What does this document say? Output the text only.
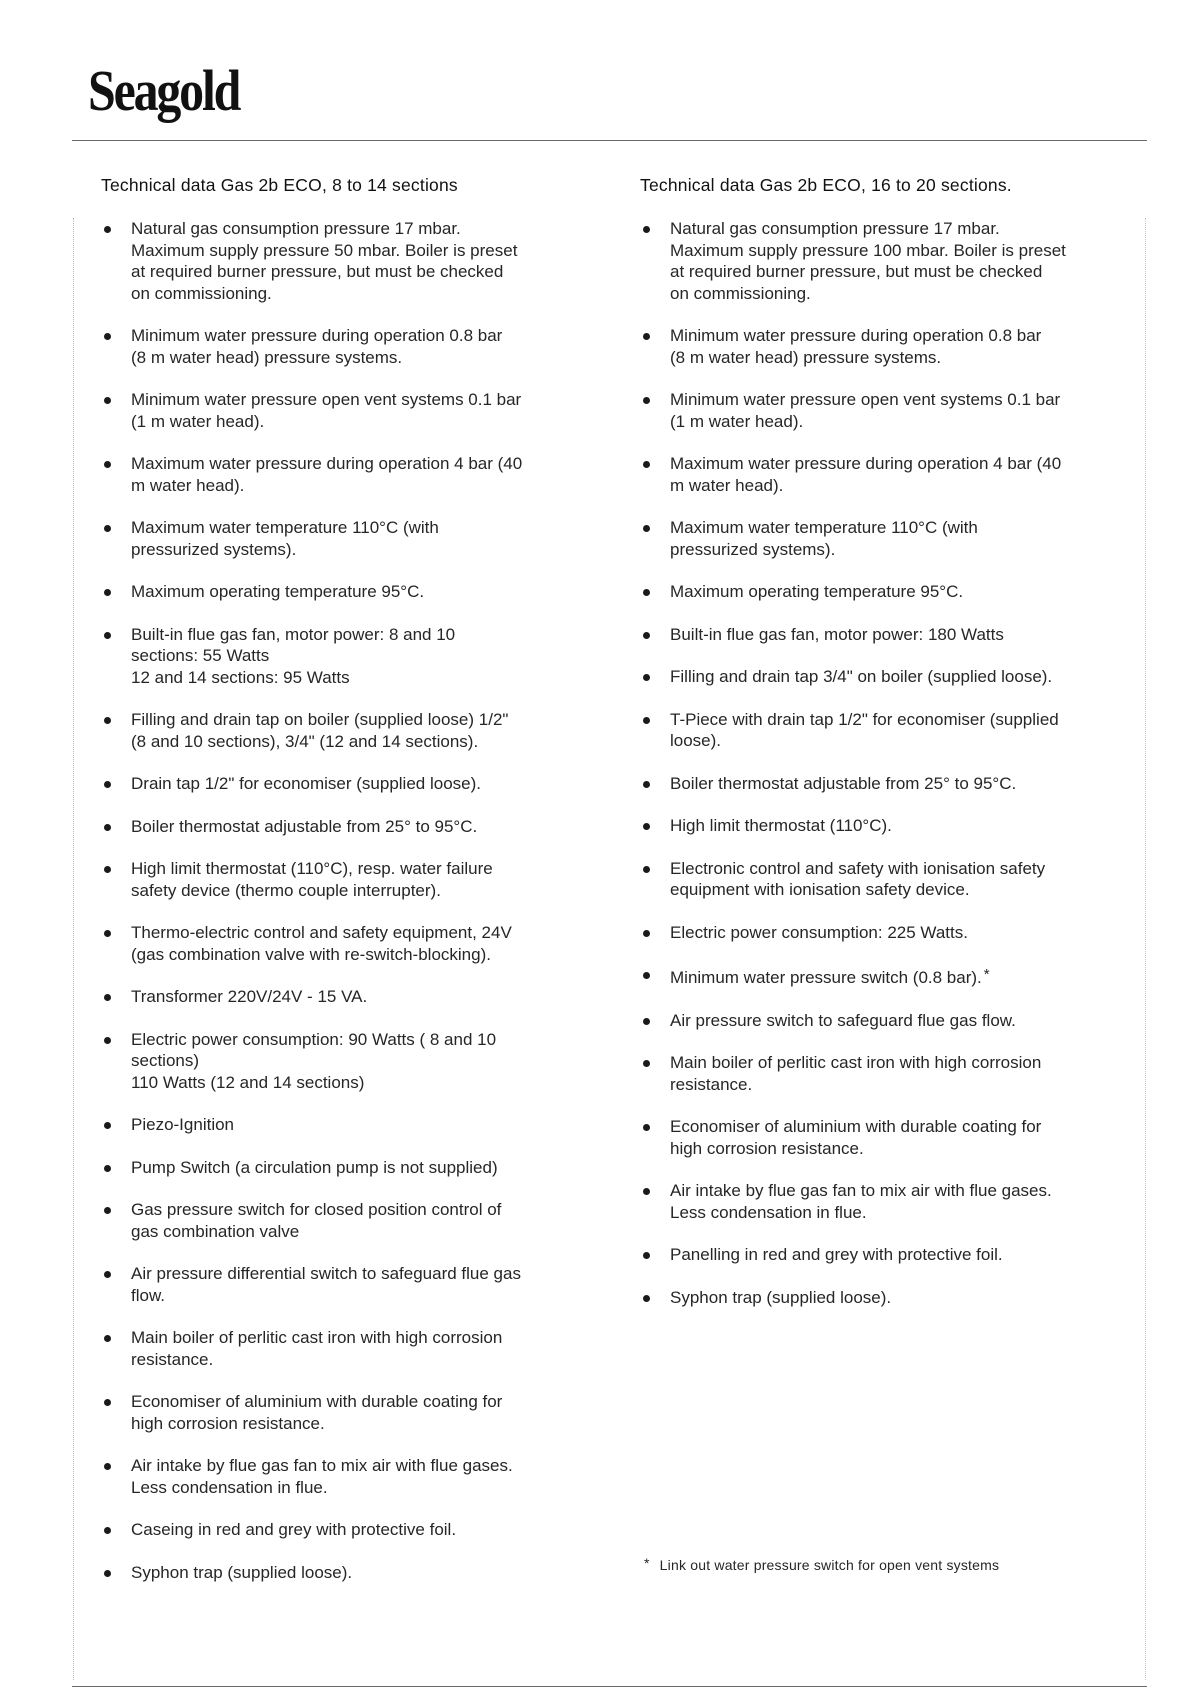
Seagold
Technical data Gas 2b ECO, 8 to 14 sections
Natural gas consumption pressure 17 mbar.
Maximum supply pressure 50 mbar. Boiler is preset
at required burner pressure, but must be checked
on commissioning.
Minimum water pressure during operation 0.8 bar
(8 m water head) pressure systems.
Minimum water pressure open vent systems 0.1 bar
(1 m water head).
Maximum water pressure during operation 4 bar (40
m water head).
Maximum water temperature 110°C (with
pressurized systems).
Maximum operating temperature 95°C.
Built-in flue gas fan, motor power: 8 and 10
sections: 55 Watts
12 and 14 sections: 95 Watts
Filling and drain tap on boiler (supplied loose) 1/2"
(8 and 10 sections), 3/4" (12 and 14 sections).
Drain tap 1/2" for economiser (supplied loose).
Boiler thermostat adjustable from 25° to 95°C.
High limit thermostat (110°C), resp. water failure
safety device (thermo couple interrupter).
Thermo-electric control and safety equipment, 24V
(gas combination valve with re-switch-blocking).
Transformer 220V/24V - 15 VA.
Electric power consumption: 90 Watts ( 8 and 10
sections)
110 Watts (12 and 14 sections)
Piezo-Ignition
Pump Switch (a circulation pump is not supplied)
Gas pressure switch for closed position control of
gas combination valve
Air pressure differential switch to safeguard flue gas
flow.
Main boiler of perlitic cast iron with high corrosion
resistance.
Economiser of aluminium with durable coating for
high corrosion resistance.
Air intake by flue gas fan to mix air with flue gases.
Less condensation in flue.
Caseing in red and grey with protective foil.
Syphon trap (supplied loose).
Technical data Gas 2b ECO, 16 to 20 sections.
Natural gas consumption pressure 17 mbar.
Maximum supply pressure 100 mbar. Boiler is preset
at required burner pressure, but must be checked
on commissioning.
Minimum water pressure during operation 0.8 bar
(8 m water head) pressure systems.
Minimum water pressure open vent systems 0.1 bar
(1 m water head).
Maximum water pressure during operation 4 bar (40
m water head).
Maximum water temperature 110°C (with
pressurized systems).
Maximum operating temperature 95°C.
Built-in flue gas fan, motor power: 180 Watts
Filling and drain tap 3/4" on boiler (supplied loose).
T-Piece with drain tap 1/2" for economiser (supplied
loose).
Boiler thermostat adjustable from 25° to 95°C.
High limit thermostat (110°C).
Electronic control and safety with ionisation safety
equipment with ionisation safety device.
Electric power consumption: 225 Watts.
Minimum water pressure switch (0.8 bar). *
Air pressure switch to safeguard flue gas flow.
Main boiler of perlitic cast iron with high corrosion
resistance.
Economiser of aluminium with durable coating for
high corrosion resistance.
Air intake by flue gas fan to mix air with flue gases.
Less condensation in flue.
Panelling in red and grey with protective foil.
Syphon trap (supplied loose).
* Link out water pressure switch for open vent systems
